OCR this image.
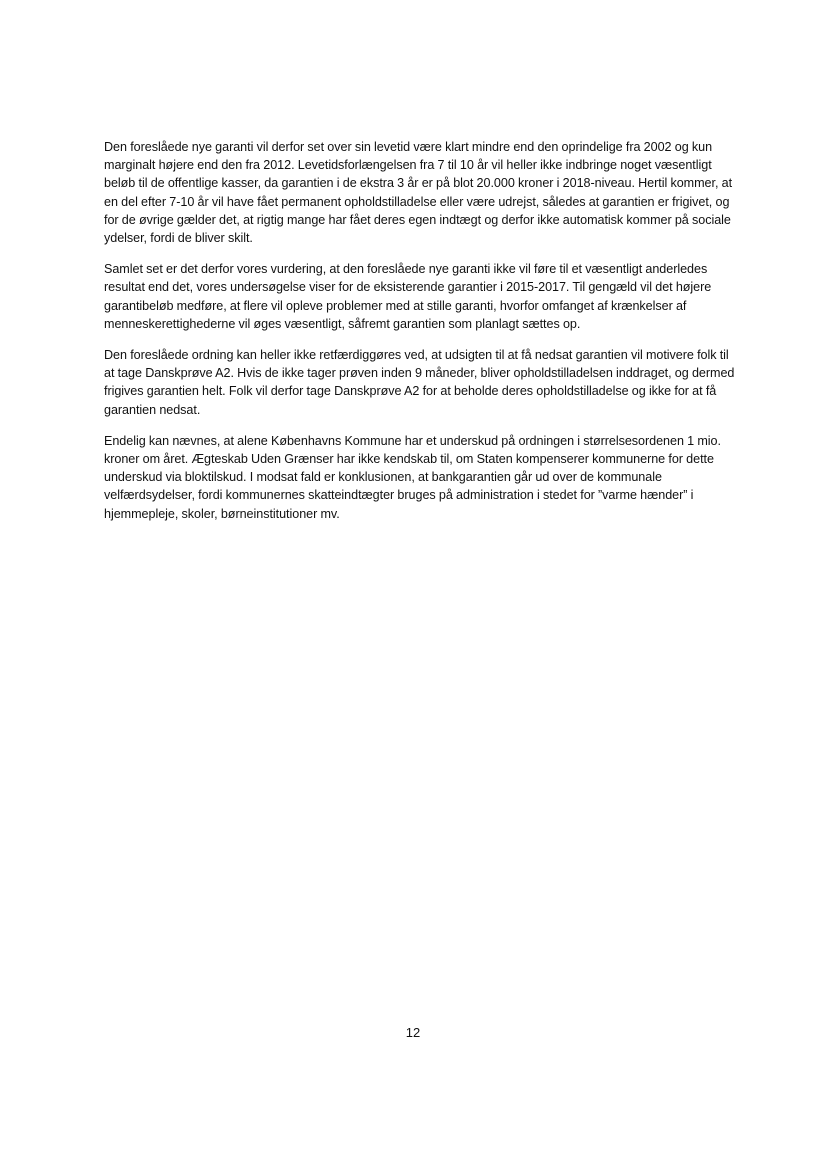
Den foreslåede nye garanti vil derfor set over sin levetid være klart mindre end den oprindelige fra 2002 og kun marginalt højere end den fra 2012. Levetidsforlængelsen fra 7 til 10 år vil heller ikke indbringe noget væsentligt beløb til de offentlige kasser, da garantien i de ekstra 3 år er på blot 20.000 kroner i 2018-niveau. Hertil kommer, at en del efter 7-10 år vil have fået permanent opholdstilladelse eller være udrejst, således at garantien er frigivet, og for de øvrige gælder det, at rigtig mange har fået deres egen indtægt og derfor ikke automatisk kommer på sociale ydelser, fordi de bliver skilt.

Samlet set er det derfor vores vurdering, at den foreslåede nye garanti ikke vil føre til et væsentligt anderledes resultat end det, vores undersøgelse viser for de eksisterende garantier i 2015-2017. Til gengæld vil det højere garantibeløb medføre, at flere vil opleve problemer med at stille garanti, hvorfor omfanget af krænkelser af menneskerettighederne vil øges væsentligt, såfremt garantien som planlagt sættes op.

Den foreslåede ordning kan heller ikke retfærdiggøres ved, at udsigten til at få nedsat garantien vil motivere folk til at tage Danskprøve A2. Hvis de ikke tager prøven inden 9 måneder, bliver opholdstilladelsen inddraget, og dermed frigives garantien helt. Folk vil derfor tage Danskprøve A2 for at beholde deres opholdstilladelse og ikke for at få garantien nedsat.

Endelig kan nævnes, at alene Københavns Kommune har et underskud på ordningen i størrelsesordenen 1 mio. kroner om året. Ægteskab Uden Grænser har ikke kendskab til, om Staten kompenserer kommunerne for dette underskud via bloktilskud. I modsat fald er konklusionen, at bankgarantien går ud over de kommunale velfærdsydelser, fordi kommunernes skatteindtægter bruges på administration i stedet for ”varme hænder” i hjemmepleje, skoler, børneinstitutioner mv.

12
